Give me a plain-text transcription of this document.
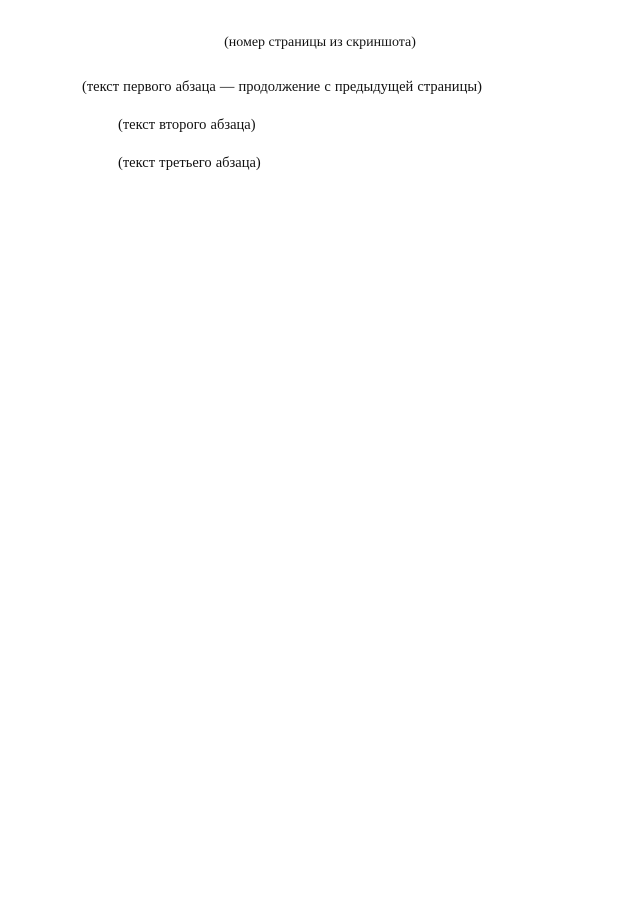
(номер страницы из скриншота)

(текст первого абзаца — продолжение с предыдущей страницы)

(текст второго абзаца)

(текст третьего абзаца)
